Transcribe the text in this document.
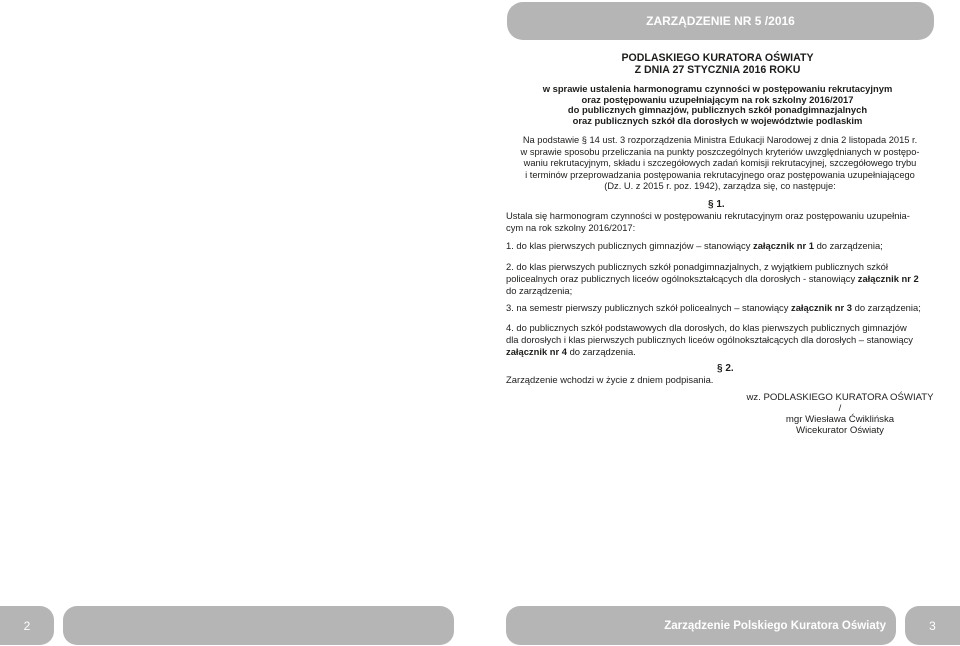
ZARZĄDZENIE NR 5 /2016
PODLASKIEGO KURATORA OŚWIATY
Z DNIA 27 STYCZNIA 2016 ROKU
w sprawie ustalenia harmonogramu czynności w postępowaniu rekrutacyjnym
oraz postępowaniu uzupełniającym na rok szkolny 2016/2017
do publicznych gimnazjów, publicznych szkół ponadgimnazjalnych
oraz publicznych szkół dla dorosłych w województwie podlaskim
Na podstawie § 14 ust. 3 rozporządzenia Ministra Edukacji Narodowej z dnia 2 listopada 2015 r.
w sprawie sposobu przeliczania na punkty poszczególnych kryteriów uwzględnianych w postępo-
waniu rekrutacyjnym, składu i szczegółowych zadań komisji rekrutacyjnej, szczegółowego trybu
i terminów przeprowadzania postępowania rekrutacyjnego oraz postępowania uzupełniającego
(Dz. U. z 2015 r. poz. 1942), zarządza się, co następuje:
§ 1.
Ustala się harmonogram czynności w postępowaniu rekrutacyjnym oraz postępowaniu uzupełnia-
cym na rok szkolny 2016/2017:
1. do klas pierwszych publicznych gimnazjów – stanowiący załącznik nr 1 do zarządzenia;
2. do klas pierwszych publicznych szkół ponadgimnazjalnych, z wyjątkiem publicznych szkół
policealnych oraz publicznych liceów ogólnokształcących dla dorosłych - stanowiący załącznik nr 2
do zarządzenia;
3. na semestr pierwszy publicznych szkół policealnych – stanowiący załącznik nr 3 do zarządzenia;
4. do publicznych szkół podstawowych dla dorosłych, do klas pierwszych publicznych gimnazjów
dla dorosłych i klas pierwszych publicznych liceów ogólnokształcących dla dorosłych – stanowiący
załącznik nr 4 do zarządzenia.
§ 2.
Zarządzenie wchodzi w życie z dniem podpisania.
wz. PODLASKIEGO KURATORA OŚWIATY
/
mgr Wiesława Ćwiklińska
Wicekurator Oświaty
2	Zarządzenie Polskiego Kuratora Oświaty	3
